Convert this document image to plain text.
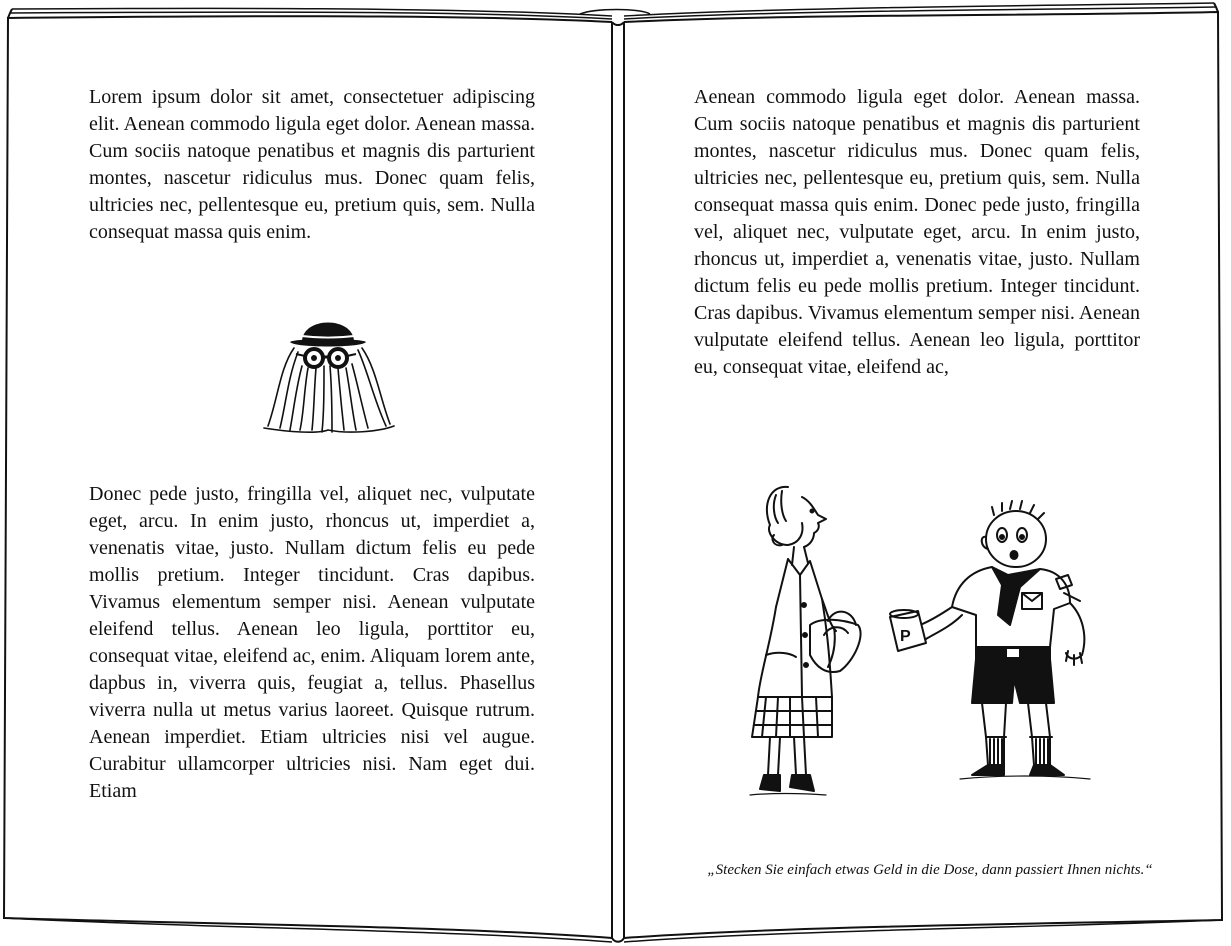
Lorem ipsum dolor sit amet, consectetuer adipiscing elit. Aenean commodo ligula eget dolor. Aenean massa. Cum sociis natoque penatibus et magnis dis parturient montes, nascetur ridiculus mus. Donec quam felis, ultricies nec, pellentesque eu, pretium quis, sem. Nulla consequat massa quis enim.
Donec pede justo, fringilla vel, aliquet nec, vulputate eget, arcu. In enim justo, rhoncus ut, imperdiet a, venenatis vitae, justo. Nullam dictum felis eu pede mollis pretium. Integer tincidunt. Cras dapibus. Vivamus elementum semper nisi. Aenean vulputate eleifend tellus. Aenean leo ligula, porttitor eu, consequat vitae, eleifend ac, enim. Aliquam lorem ante, dapbus in, viverra quis, feugiat a, tellus. Phasellus viverra nulla ut metus varius laoreet. Quisque rutrum. Aenean imperdiet. Etiam ultricies nisi vel augue. Curabitur ullamcorper ultricies nisi. Nam eget dui. Etiam
Aenean commodo ligula eget dolor. Aenean massa. Cum sociis natoque penatibus et magnis dis parturient montes, nascetur ridiculus mus. Donec quam felis, ultricies nec, pellentesque eu, pretium quis, sem. Nulla consequat massa quis enim. Donec pede justo, fringilla vel, aliquet nec, vulputate eget, arcu. In enim justo, rhoncus ut, imperdiet a, venenatis vitae, justo. Nullam dictum felis eu pede mollis pretium. Integer tincidunt. Cras dapibus. Vivamus elementum semper nisi. Aenean vulputate eleifend tellus. Aenean leo ligula, porttitor eu, consequat vitae, eleifend ac,
P
„Stecken Sie einfach etwas Geld in die Dose, dann passiert Ihnen nichts.“
